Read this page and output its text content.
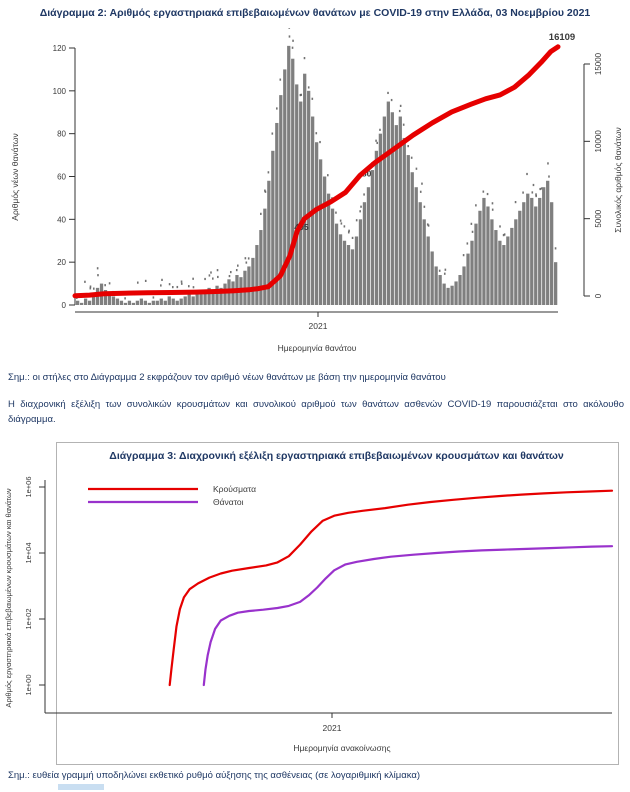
Διάγραμμα 2: Αριθμός εργαστηριακά επιβεβαιωμένων θανάτων με COVID-19 στην Ελλάδα, 03 Νοεμβρίου 2021
0
20
40
60
80
100
120
Αριθμός νέων θανάτων
2021
Ημερομηνία θανάτου
0
5000
10000
15000
Συνολικός αριθμός θανάτων
405
80
16109
Σημ.: οι στήλες στο Διάγραμμα 2 εκφράζουν τον αριθμό νέων θανάτων με βάση την ημερομηνία θανάτου
Η διαχρονική εξέλιξη των συνολικών κρουσμάτων και συνολικού αριθμού των θανάτων ασθενών COVID-19 παρουσιάζεται στο ακόλουθο διάγραμμα.
Διάγραμμα 3: Διαχρονική εξέλιξη εργαστηριακά επιβεβαιωμένων κρουσμάτων και θανάτων
1e+00
1e+02
1e+04
1e+06
Αριθμός εργαστηριακά επιβεβαιωμένων κρουσμάτων και θανάτων
2021
Ημερομηνία ανακοίνωσης
Κρούσματα
Θάνατοι
Σημ.: ευθεία γραμμή υποδηλώνει εκθετικό ρυθμό αύξησης της ασθένειας (σε λογαριθμική κλίμακα)
